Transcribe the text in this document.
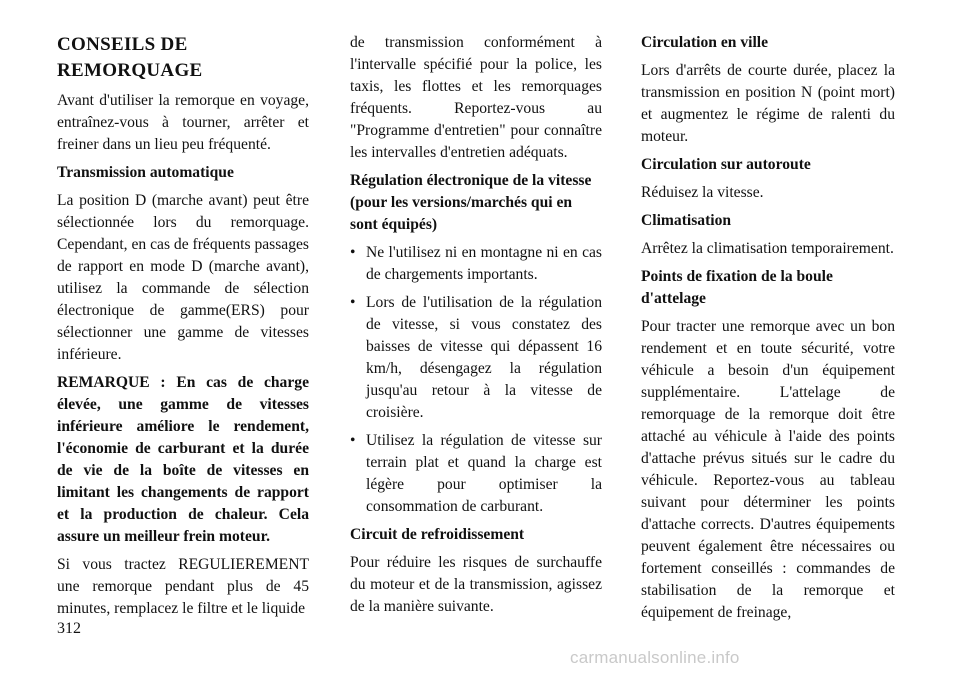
CONSEILS DE REMORQUAGE

Avant d'utiliser la remorque en voyage, entraînez-vous à tourner, arrêter et freiner dans un lieu peu fréquenté.

Transmission automatique

La position D (marche avant) peut être sélectionnée lors du remorquage. Cependant, en cas de fréquents passages de rapport en mode D (marche avant), utilisez la commande de sélection électronique de gamme(ERS) pour sélectionner une gamme de vitesses inférieure.

REMARQUE : En cas de charge élevée, une gamme de vitesses inférieure améliore le rendement, l'économie de carburant et la durée de vie de la boîte de vitesses en limitant les changements de rapport et la production de chaleur. Cela assure un meilleur frein moteur.

Si vous tractez REGULIEREMENT une remorque pendant plus de 45 minutes, remplacez le filtre et le liquide

de transmission conformément à l'intervalle spécifié pour la police, les taxis, les flottes et les remorquages fréquents. Reportez-vous au "Programme d'entretien" pour connaître les intervalles d'entretien adéquats.

Régulation électronique de la vitesse (pour les versions/marchés qui en sont équipés)
• Ne l'utilisez ni en montagne ni en cas de chargements importants.
• Lors de l'utilisation de la régulation de vitesse, si vous constatez des baisses de vitesse qui dépassent 16 km/h, désengagez la régulation jusqu'au retour à la vitesse de croisière.
• Utilisez la régulation de vitesse sur terrain plat et quand la charge est légère pour optimiser la consommation de carburant.
Circuit de refroidissement

Pour réduire les risques de surchauffe du moteur et de la transmission, agissez de la manière suivante.

Circulation en ville

Lors d'arrêts de courte durée, placez la transmission en position N (point mort) et augmentez le régime de ralenti du moteur.

Circulation sur autoroute

Réduisez la vitesse.

Climatisation

Arrêtez la climatisation temporairement.

Points de fixation de la boule d'attelage

Pour tracter une remorque avec un bon rendement et en toute sécurité, votre véhicule a besoin d'un équipement supplémentaire. L'attelage de remorquage de la remorque doit être attaché au véhicule à l'aide des points d'attache prévus situés sur le cadre du véhicule. Reportez-vous au tableau suivant pour déterminer les points d'attache corrects. D'autres équipements peuvent également être nécessaires ou fortement conseillés : commandes de stabilisation de la remorque et équipement de freinage,

312
carmanualsonline.info
